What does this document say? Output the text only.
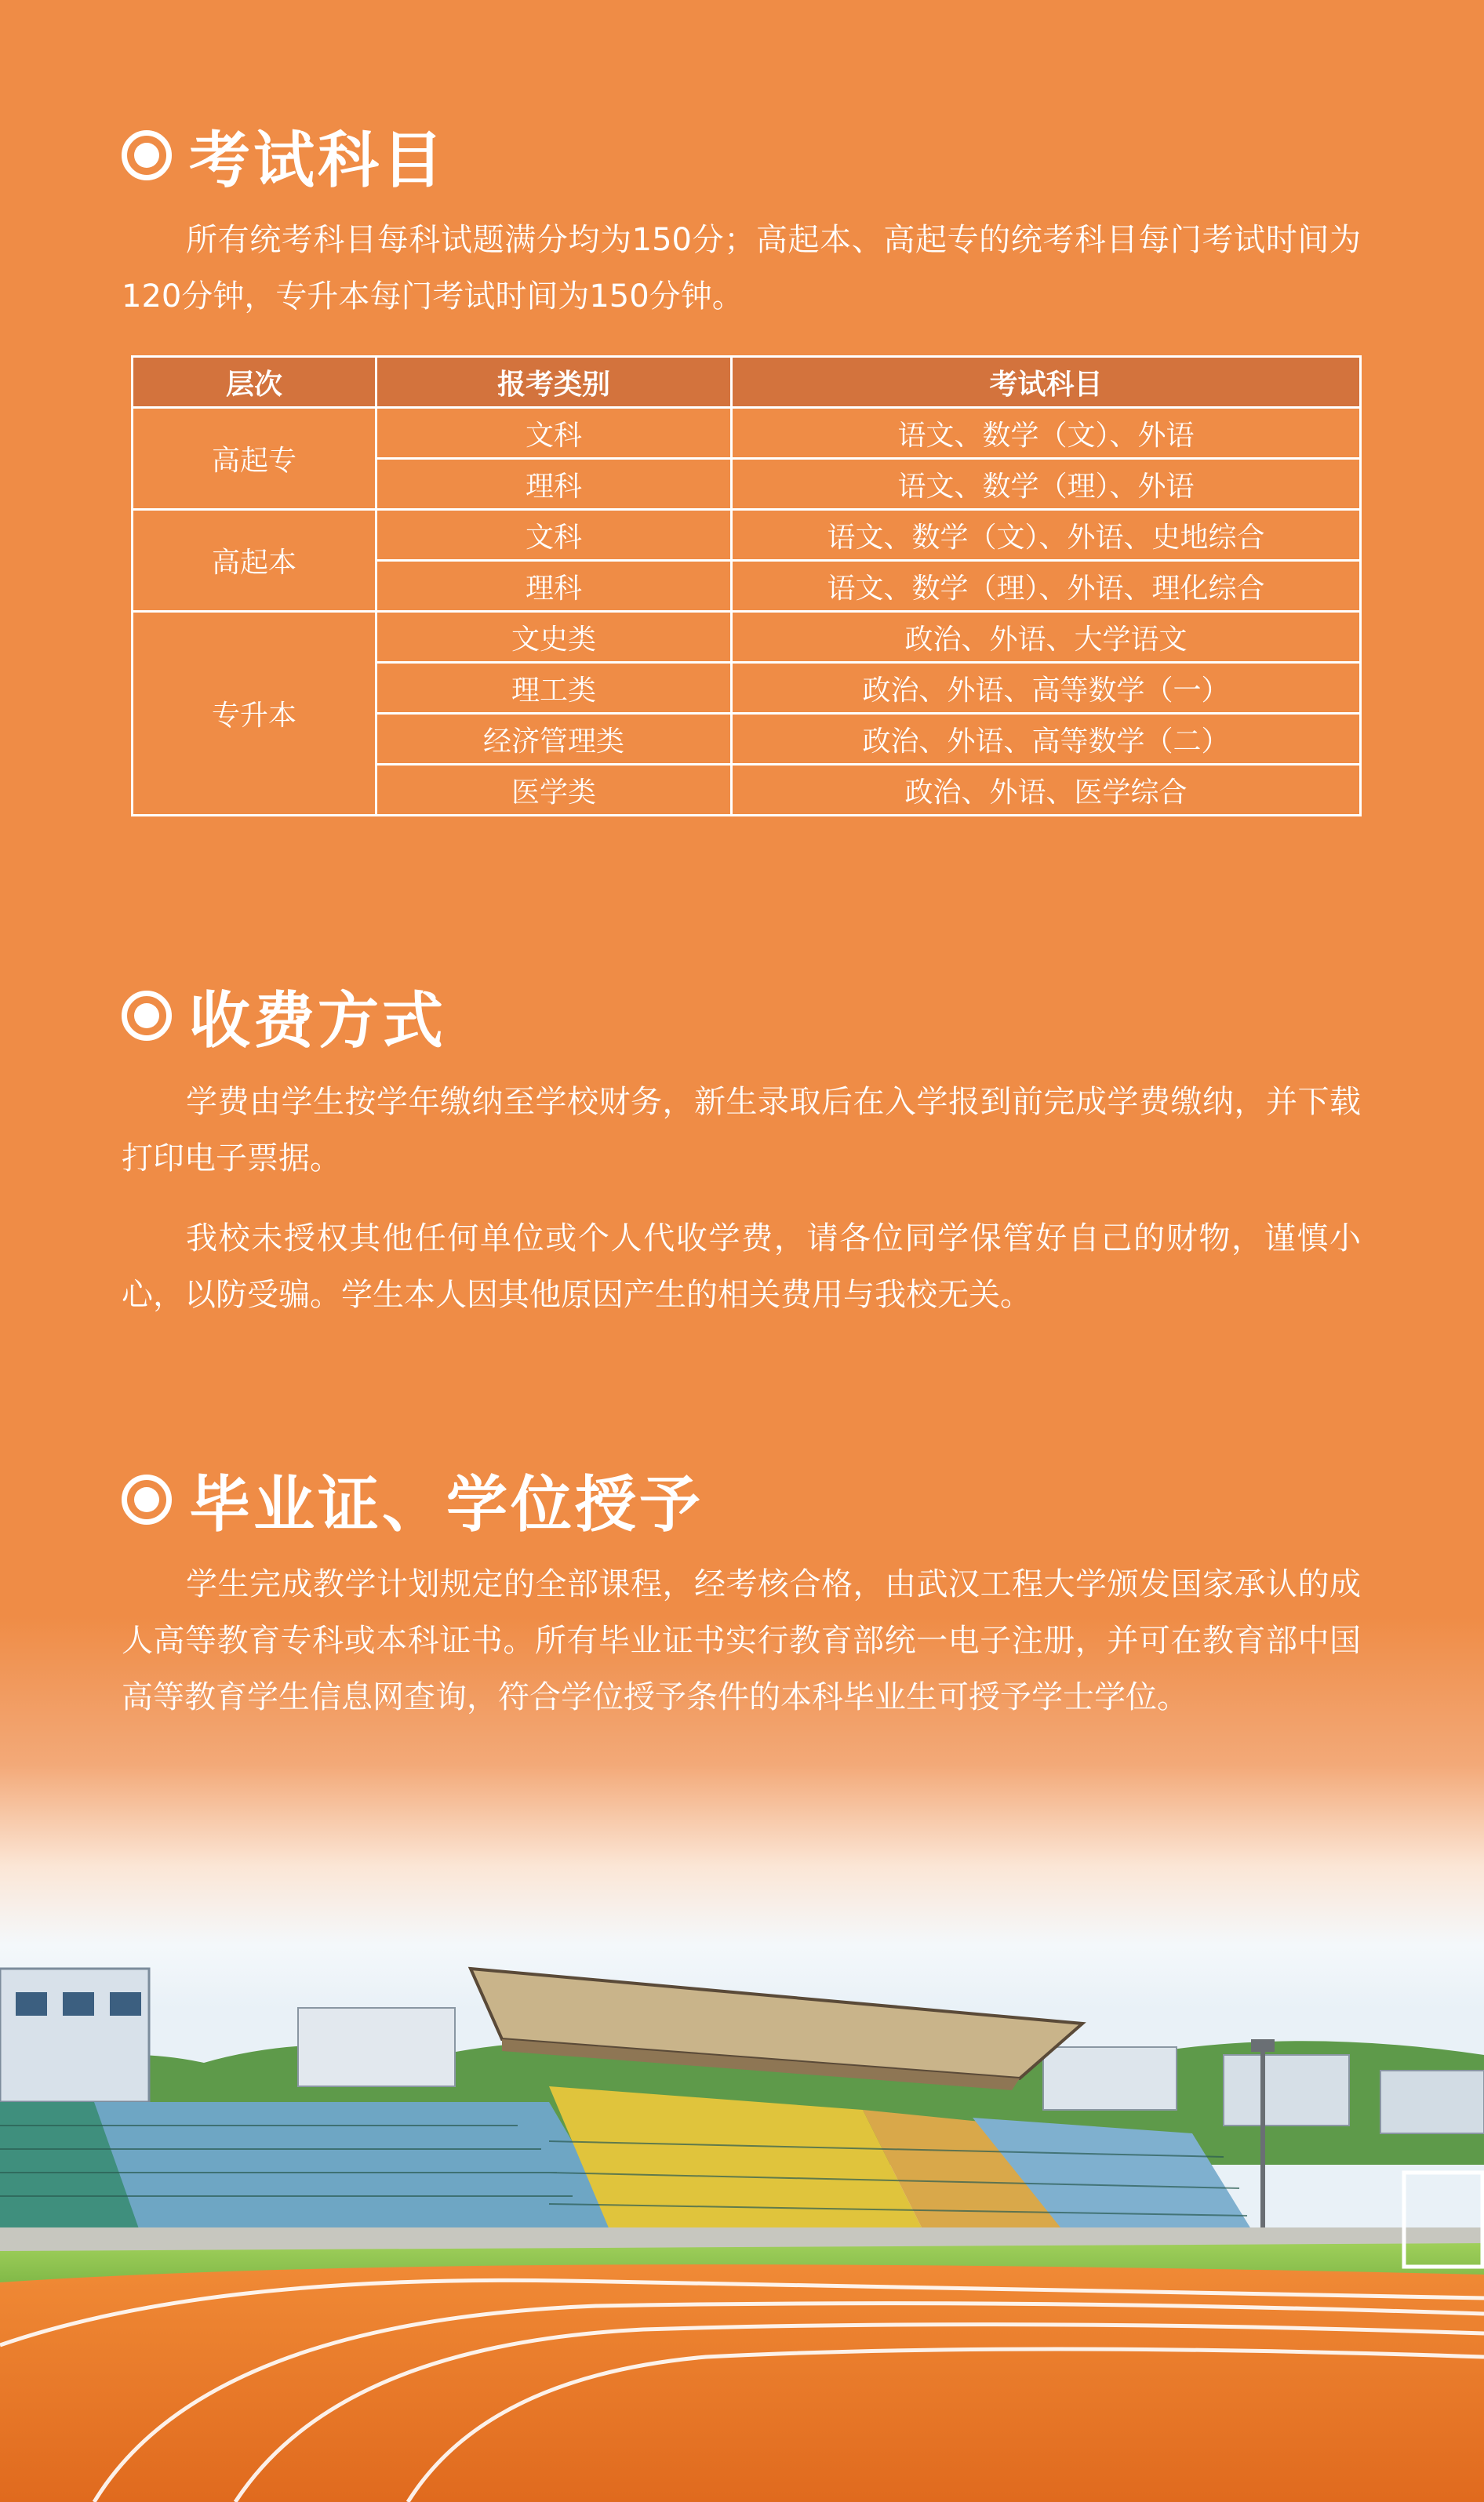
考试科目

所有统考科目每科试题满分均为150分；高起本、高起专的统考科目每门考试时间为120分钟，专升本每门考试时间为150分钟。

层次	报考类别	考试科目
高起专	文科	语文、数学（文）、外语
	理科	语文、数学（理）、外语
高起本	文科	语文、数学（文）、外语、史地综合
	理科	语文、数学（理）、外语、理化综合
专升本	文史类	政治、外语、大学语文
	理工类	政治、外语、高等数学（一）
	经济管理类	政治、外语、高等数学（二）
	医学类	政治、外语、医学综合
收费方式

学费由学生按学年缴纳至学校财务，新生录取后在入学报到前完成学费缴纳，并下载打印电子票据。

我校未授权其他任何单位或个人代收学费，请各位同学保管好自己的财物，谨慎小心，以防受骗。学生本人因其他原因产生的相关费用与我校无关。

毕业证、学位授予

学生完成教学计划规定的全部课程，经考核合格，由武汉工程大学颁发国家承认的成人高等教育专科或本科证书。所有毕业证书实行教育部统一电子注册，并可在教育部中国高等教育学生信息网查询，符合学位授予条件的本科毕业生可授予学士学位。
